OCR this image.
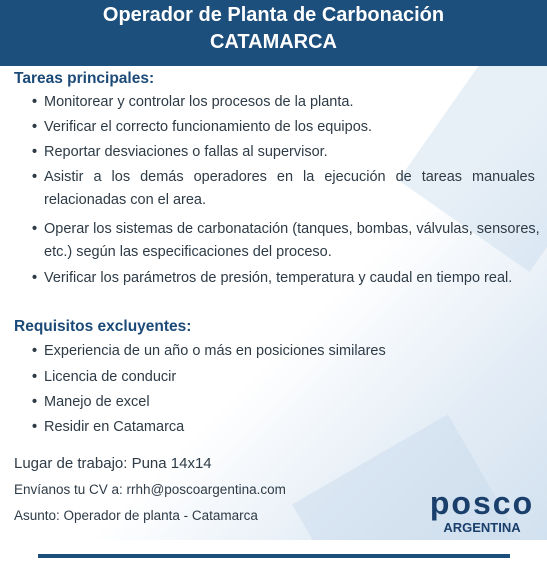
Operador de Planta de Carbonación
CATAMARCA
Tareas principales:
• Monitorear y controlar los procesos de la planta.
• Verificar el correcto funcionamiento de los equipos.
• Reportar desviaciones o fallas al supervisor.
• Asistir a los demás operadores en la ejecución de tareas manuales
relacionadas con el area.
• Operar los sistemas de carbonatación (tanques, bombas, válvulas, sensores,
etc.) según las especificaciones del proceso.
• Verificar los parámetros de presión, temperatura y caudal en tiempo real.
Requisitos excluyentes:
• Experiencia de un año o más en posiciones similares
• Licencia de conducir
• Manejo de excel
• Residir en Catamarca
Lugar de trabajo: Puna 14x14
Envíanos tu CV a: rrhh@poscoargentina.com
Asunto: Operador de planta - Catamarca	posco
ARGENTINA
